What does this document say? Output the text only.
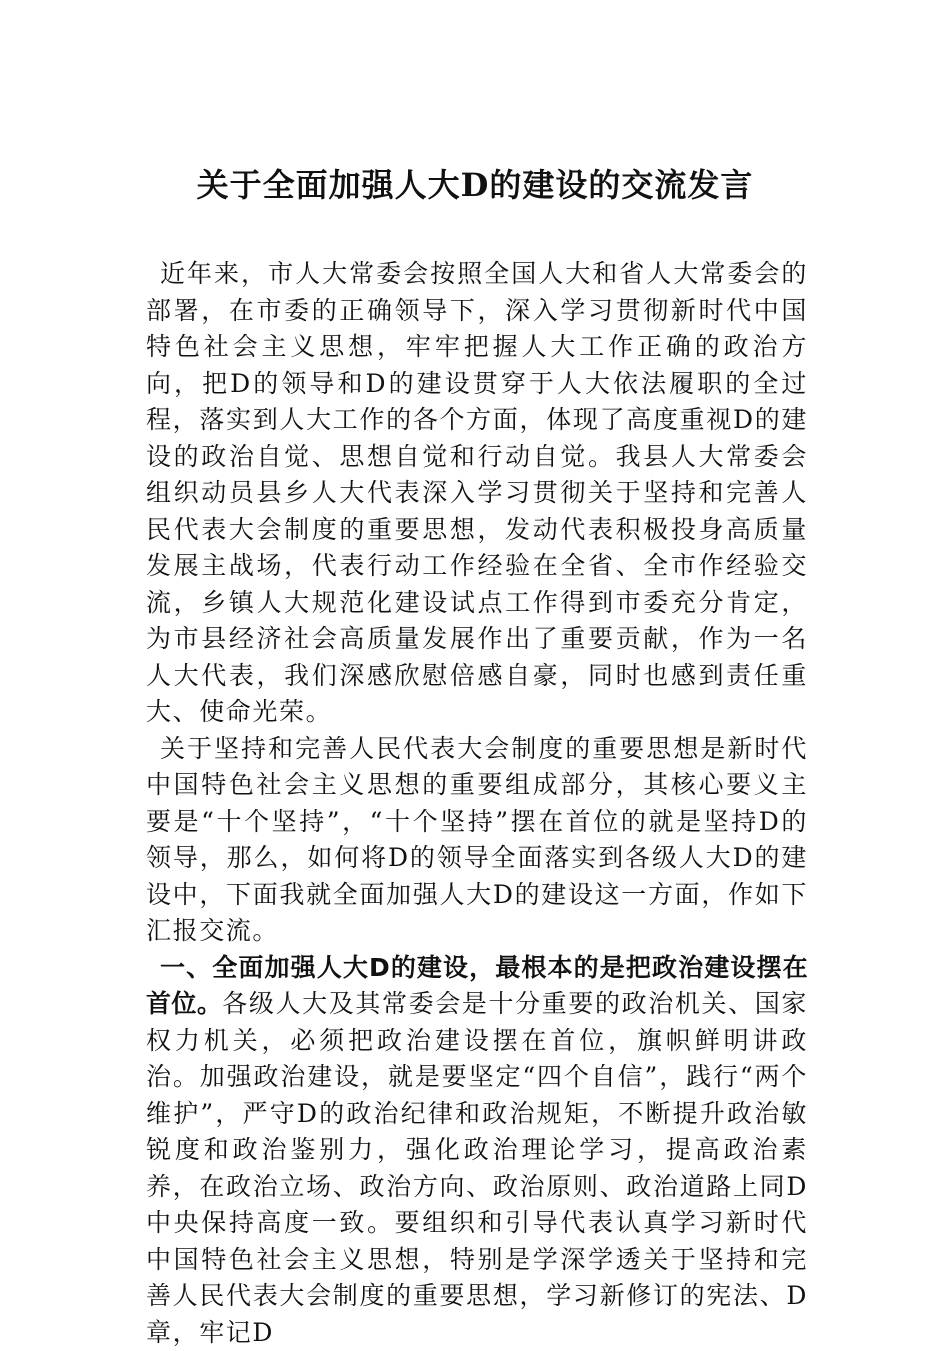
关于全面加强人大D的建设的交流发言

近年来，市人大常委会按照全国人大和省人大常委会的部署，在市委的正确领导下，深入学习贯彻新时代中国特色社会主义思想，牢牢把握人大工作正确的政治方向，把D的领导和D的建设贯穿于人大依法履职的全过程，落实到人大工作的各个方面，体现了高度重视D的建设的政治自觉、思想自觉和行动自觉。我县人大常委会组织动员县乡人大代表深入学习贯彻关于坚持和完善人民代表大会制度的重要思想，发动代表积极投身高质量发展主战场，代表行动工作经验在全省、全市作经验交流，乡镇人大规范化建设试点工作得到市委充分肯定，为市县经济社会高质量发展作出了重要贡献，作为一名人大代表，我们深感欣慰倍感自豪，同时也感到责任重大、使命光荣。

关于坚持和完善人民代表大会制度的重要思想是新时代中国特色社会主义思想的重要组成部分，其核心要义主要是“十个坚持”，“十个坚持”摆在首位的就是坚持D的领导，那么，如何将D的领导全面落实到各级人大D的建设中，下面我就全面加强人大D的建设这一方面，作如下汇报交流。

一、全面加强人大D的建设，最根本的是把政治建设摆在首位。各级人大及其常委会是十分重要的政治机关、国家权力机关，必须把政治建设摆在首位，旗帜鲜明讲政治。加强政治建设，就是要坚定“四个自信”，践行“两个维护”，严守D的政治纪律和政治规矩，不断提升政治敏锐度和政治鉴别力，强化政治理论学习，提高政治素养，在政治立场、政治方向、政治原则、政治道路上同D中央保持高度一致。要组织和引导代表认真学习新时代中国特色社会主义思想，特别是学深学透关于坚持和完善人民代表大会制度的重要思想，学习新修订的宪法、D章，牢记D
